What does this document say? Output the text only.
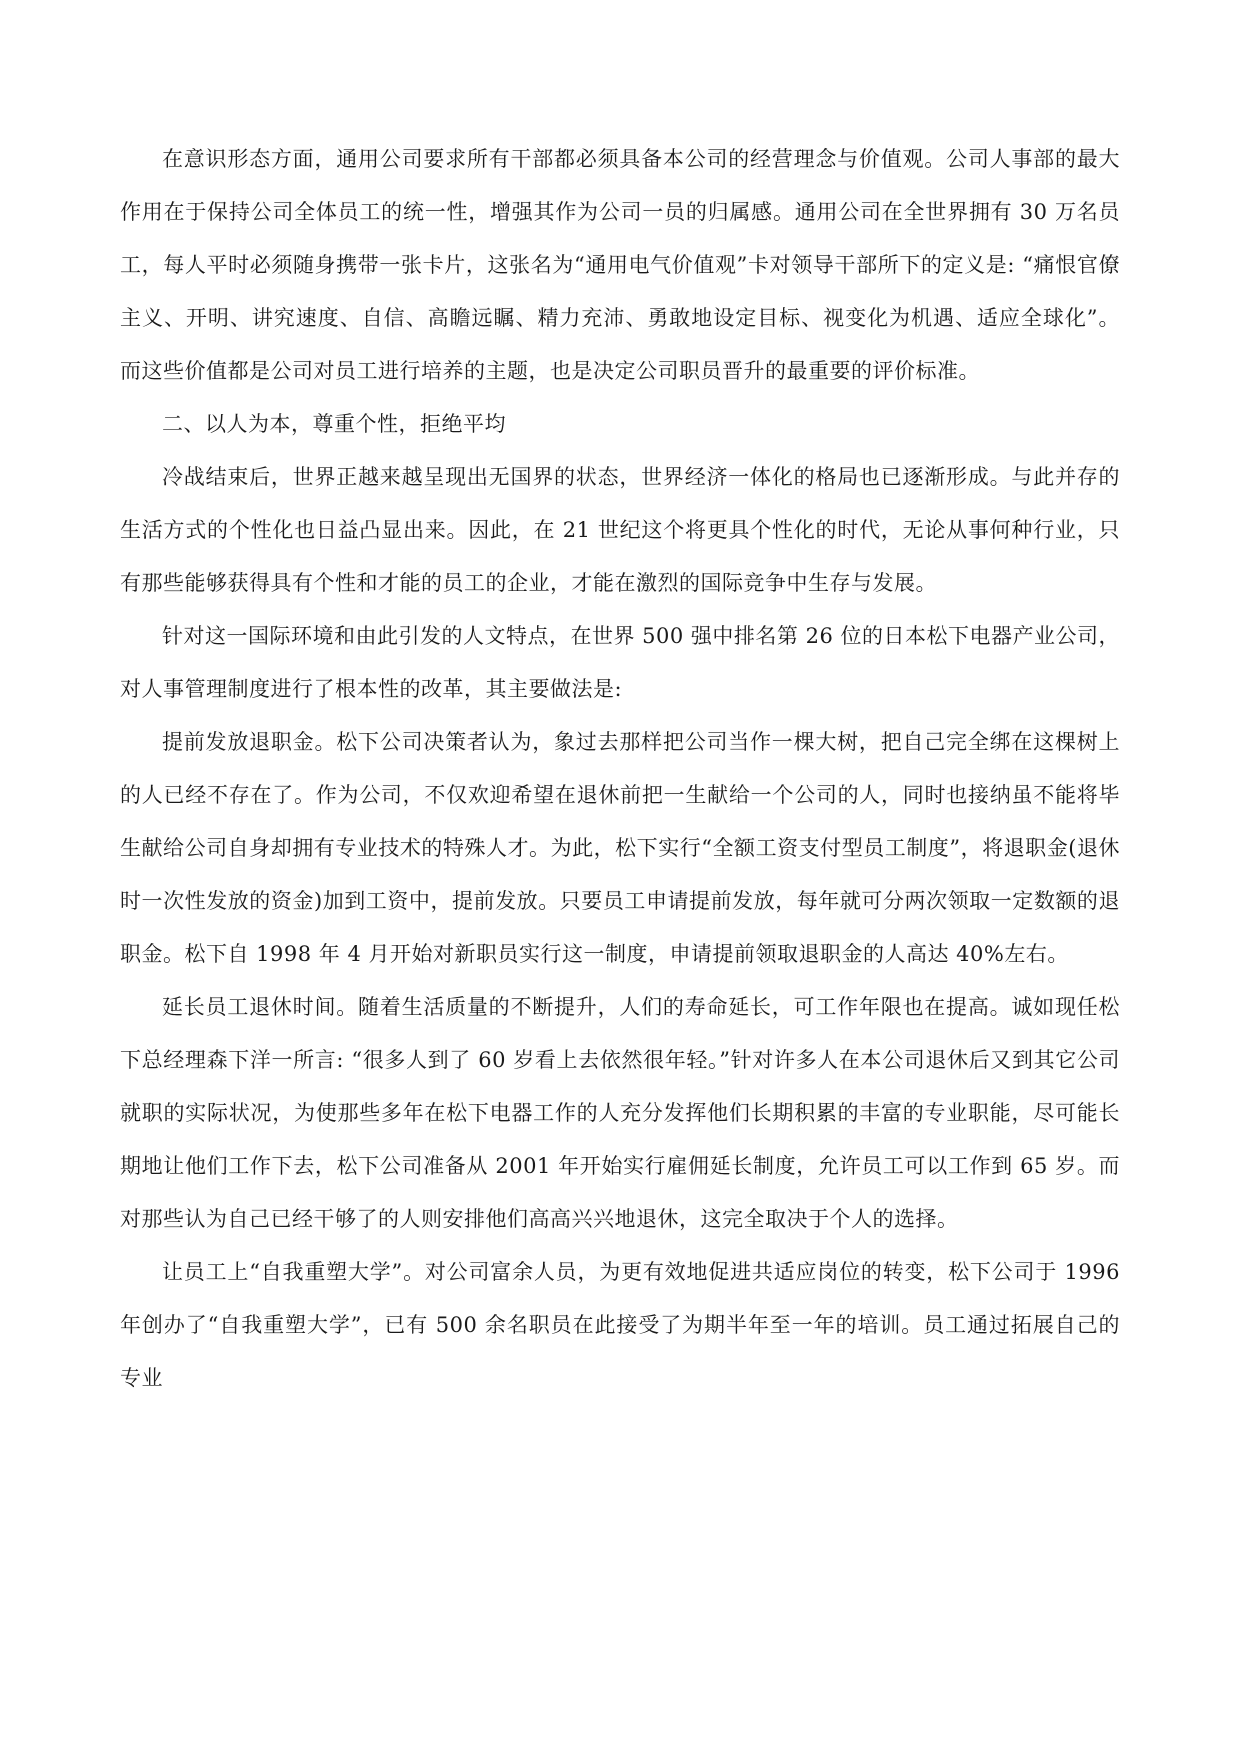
在意识形态方面，通用公司要求所有干部都必须具备本公司的经营理念与价值观。公司人事部的最大作用在于保持公司全体员工的统一性，增强其作为公司一员的归属感。通用公司在全世界拥有 30 万名员工，每人平时必须随身携带一张卡片，这张名为“通用电气价值观”卡对领导干部所下的定义是: “痛恨官僚主义、开明、讲究速度、自信、高瞻远瞩、精力充沛、勇敢地设定目标、视变化为机遇、适应全球化”。而这些价值都是公司对员工进行培养的主题，也是决定公司职员晋升的最重要的评价标准。

二、以人为本，尊重个性，拒绝平均

冷战结束后，世界正越来越呈现出无国界的状态，世界经济一体化的格局也已逐渐形成。与此并存的生活方式的个性化也日益凸显出来。因此，在 21 世纪这个将更具个性化的时代，无论从事何种行业，只有那些能够获得具有个性和才能的员工的企业，才能在激烈的国际竞争中生存与发展。

针对这一国际环境和由此引发的人文特点，在世界 500 强中排名第 26 位的日本松下电器产业公司，对人事管理制度进行了根本性的改革，其主要做法是:

提前发放退职金。松下公司决策者认为，象过去那样把公司当作一棵大树，把自己完全绑在这棵树上的人已经不存在了。作为公司，不仅欢迎希望在退休前把一生献给一个公司的人，同时也接纳虽不能将毕生献给公司自身却拥有专业技术的特殊人才。为此，松下实行“全额工资支付型员工制度”，将退职金(退休时一次性发放的资金)加到工资中，提前发放。只要员工申请提前发放，每年就可分两次领取一定数额的退职金。松下自 1998 年 4 月开始对新职员实行这一制度，申请提前领取退职金的人高达 40%左右。

延长员工退休时间。随着生活质量的不断提升，人们的寿命延长，可工作年限也在提高。诚如现任松下总经理森下洋一所言: “很多人到了 60 岁看上去依然很年轻。”针对许多人在本公司退休后又到其它公司就职的实际状况，为使那些多年在松下电器工作的人充分发挥他们长期积累的丰富的专业职能，尽可能长期地让他们工作下去，松下公司准备从 2001 年开始实行雇佣延长制度，允许员工可以工作到 65 岁。而对那些认为自己已经干够了的人则安排他们高高兴兴地退休，这完全取决于个人的选择。

让员工上“自我重塑大学”。对公司富余人员，为更有效地促进共适应岗位的转变，松下公司于 1996 年创办了“自我重塑大学”，已有 500 余名职员在此接受了为期半年至一年的培训。员工通过拓展自己的专业
